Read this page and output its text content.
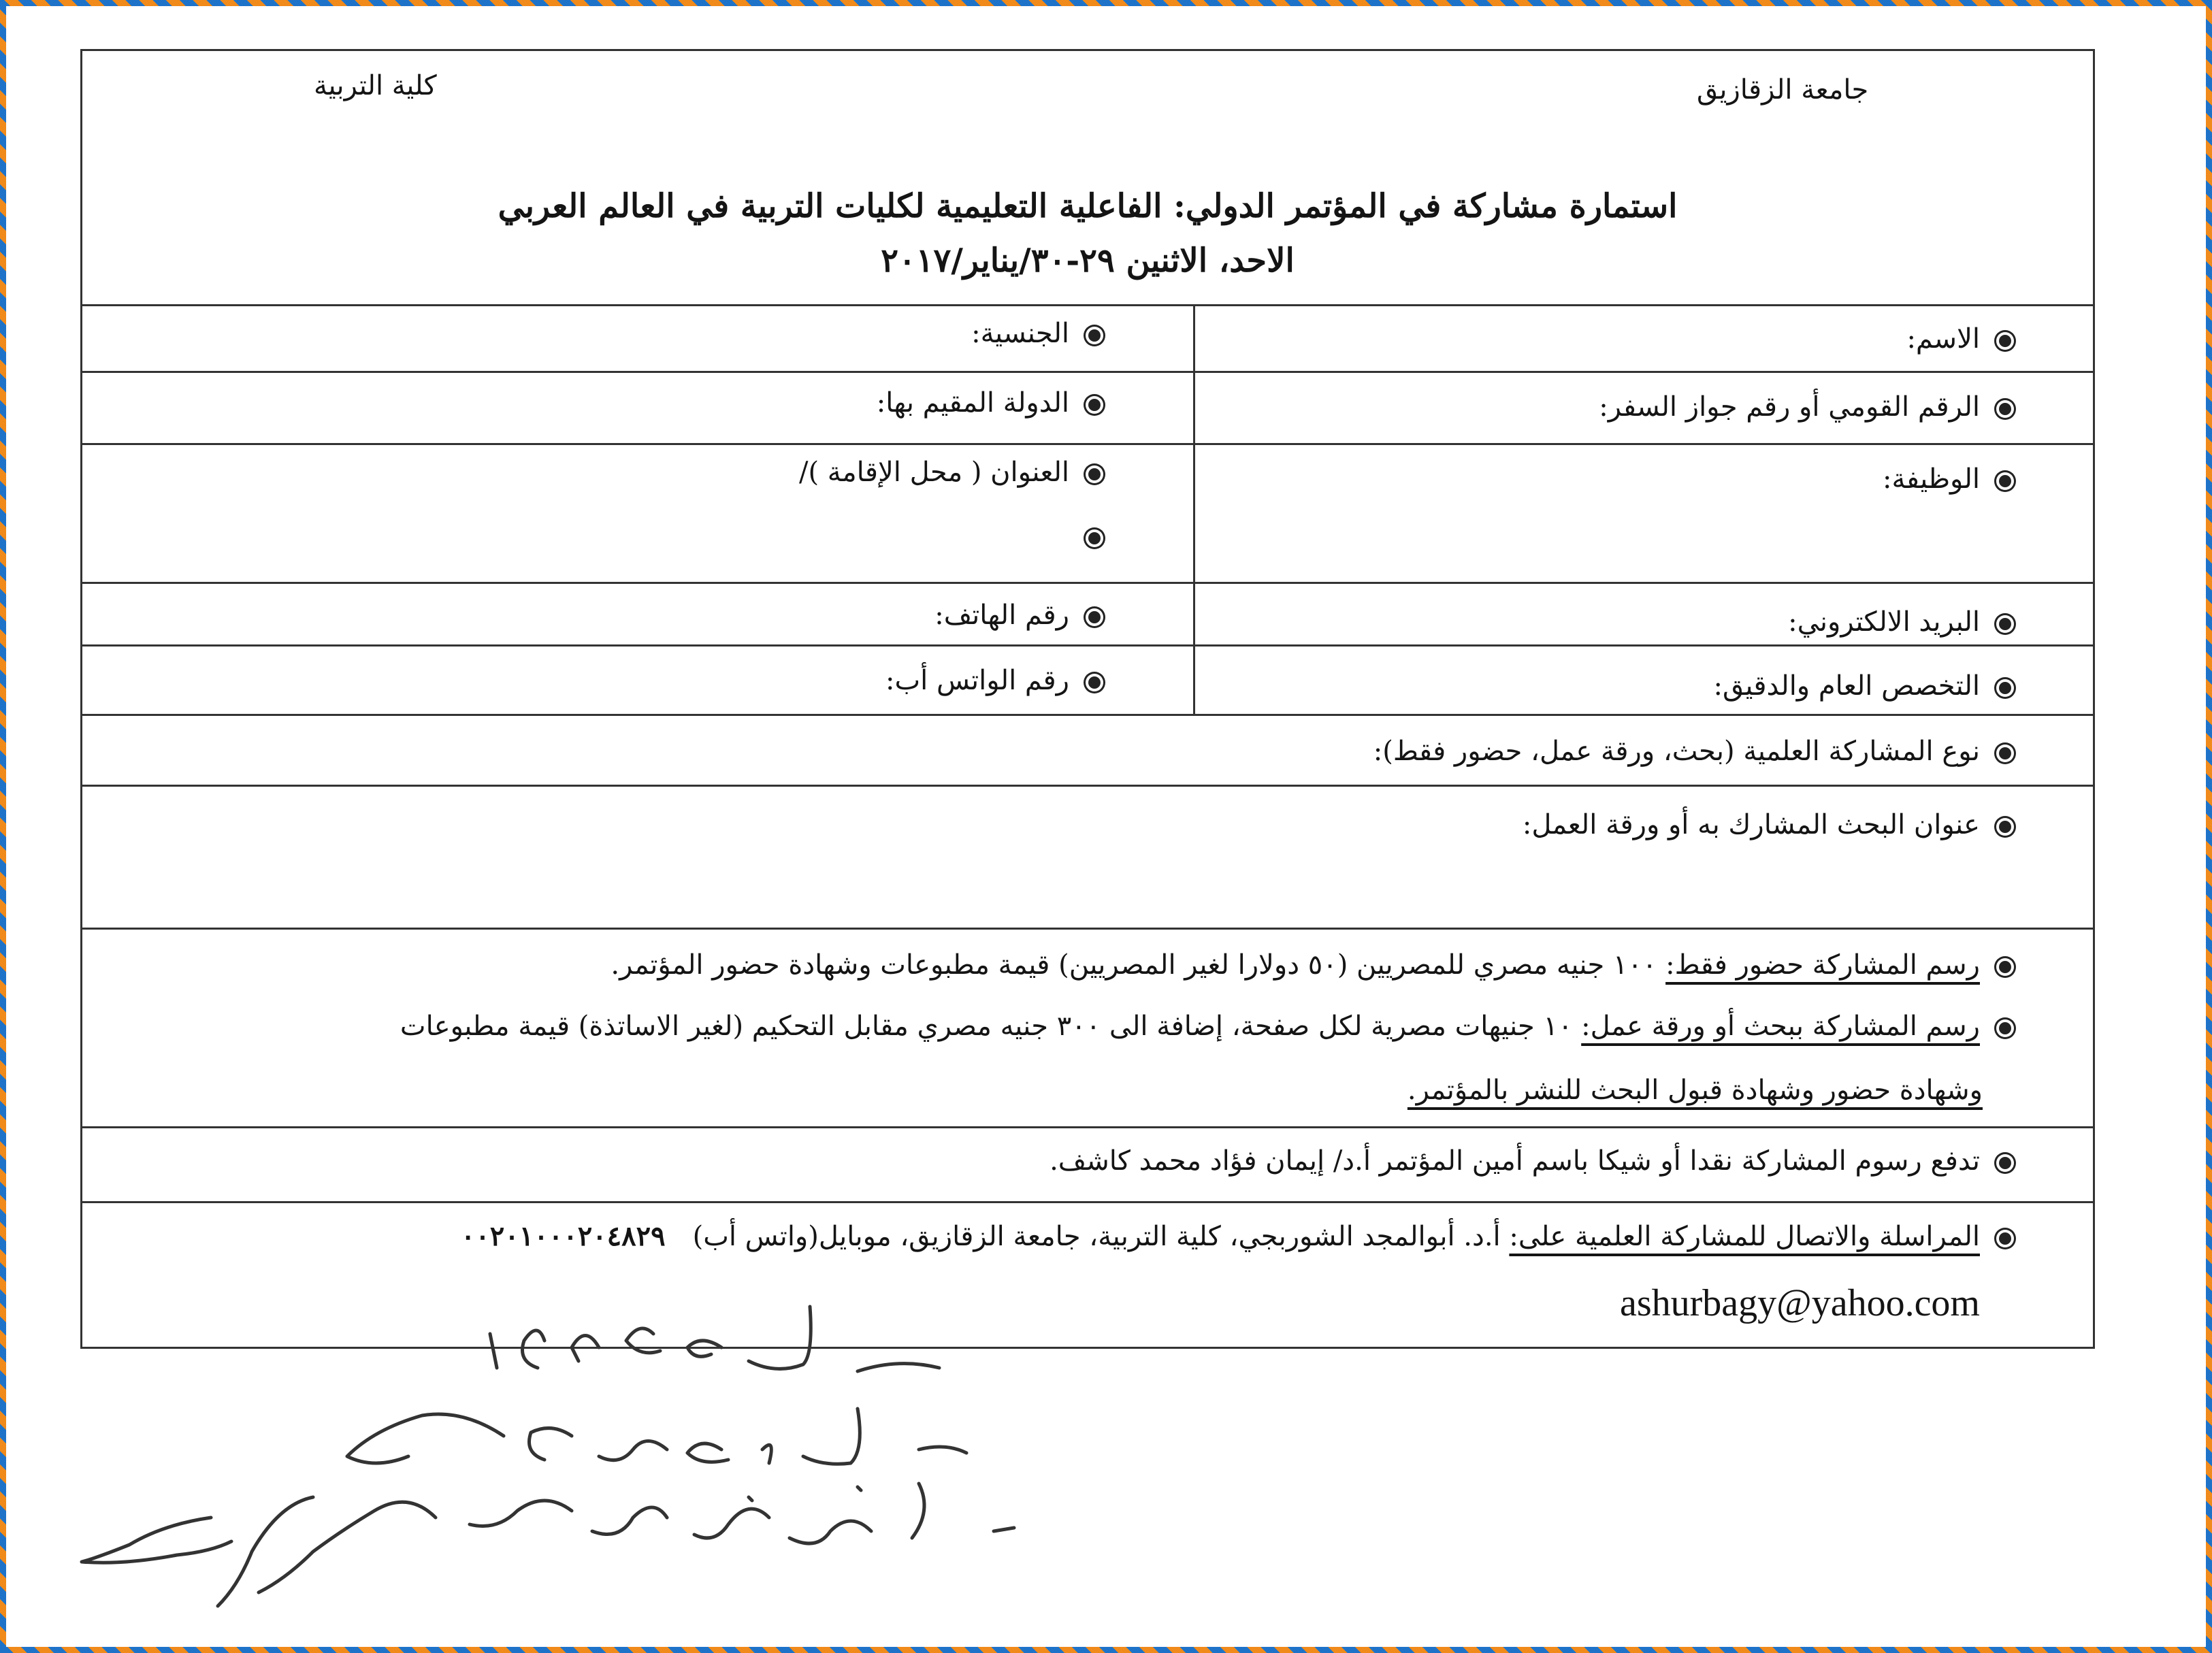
كلية التربية	جامعة الزقازيق
استمارة مشاركة في المؤتمر الدولي: الفاعلية التعليمية لكليات التربية في العالم العربي
الاحد، الاثنين ٢٩-٣٠/يناير/٢٠١٧
الاسم:
الجنسية:
الرقم القومي أو رقم جواز السفر:
الدولة المقيم بها:
الوظيفة:
العنوان ( محل الإقامة )/
البريد الالكتروني:
رقم الهاتف:
التخصص العام والدقيق:
رقم الواتس أب:
نوع المشاركة العلمية (بحث، ورقة عمل، حضور فقط):
عنوان البحث المشارك به أو ورقة العمل:
رسم المشاركة حضور فقط: ١٠٠ جنيه مصري للمصريين (٥٠ دولارا لغير المصريين) قيمة مطبوعات وشهادة حضور المؤتمر.
رسم المشاركة ببحث أو ورقة عمل: ١٠ جنيهات مصرية لكل صفحة، إضافة الى ٣٠٠ جنيه مصري مقابل التحكيم (لغير الاساتذة) قيمة مطبوعات
وشهادة حضور وشهادة قبول البحث للنشر بالمؤتمر.
تدفع رسوم المشاركة نقدا أو شيكا باسم أمين المؤتمر أ.د/ إيمان فؤاد محمد كاشف.
المراسلة والاتصال للمشاركة العلمية على: أ.د. أبوالمجد الشوربجي، كلية التربية، جامعة الزقازيق، موبايل(واتس أب)٠٠٢٠١٠٠٠٢٠٤٨٢٩
ashurbagy@yahoo.com
